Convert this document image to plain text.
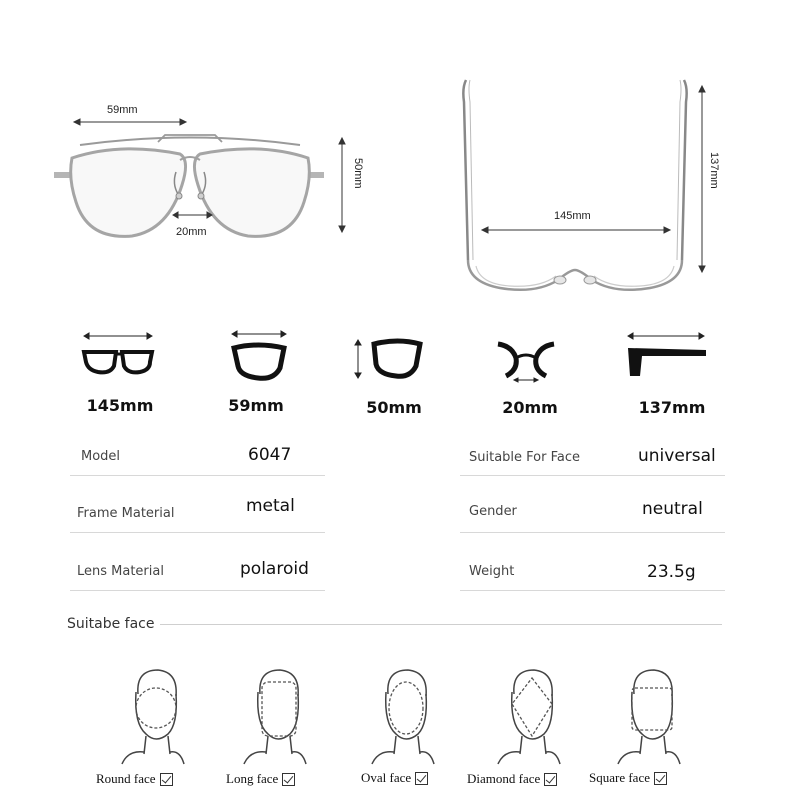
59mm
20mm
50mm
145mm
137mm
145mm	59mm	50mm	20mm	137mm
Model	6047	Suitable For Face	universal
Frame Material	metal	Gender	neutral
Lens Material	polaroid	Weight	23.5g
Suitabe face
Round face	Long face	Oval face	Diamond face	Square face
